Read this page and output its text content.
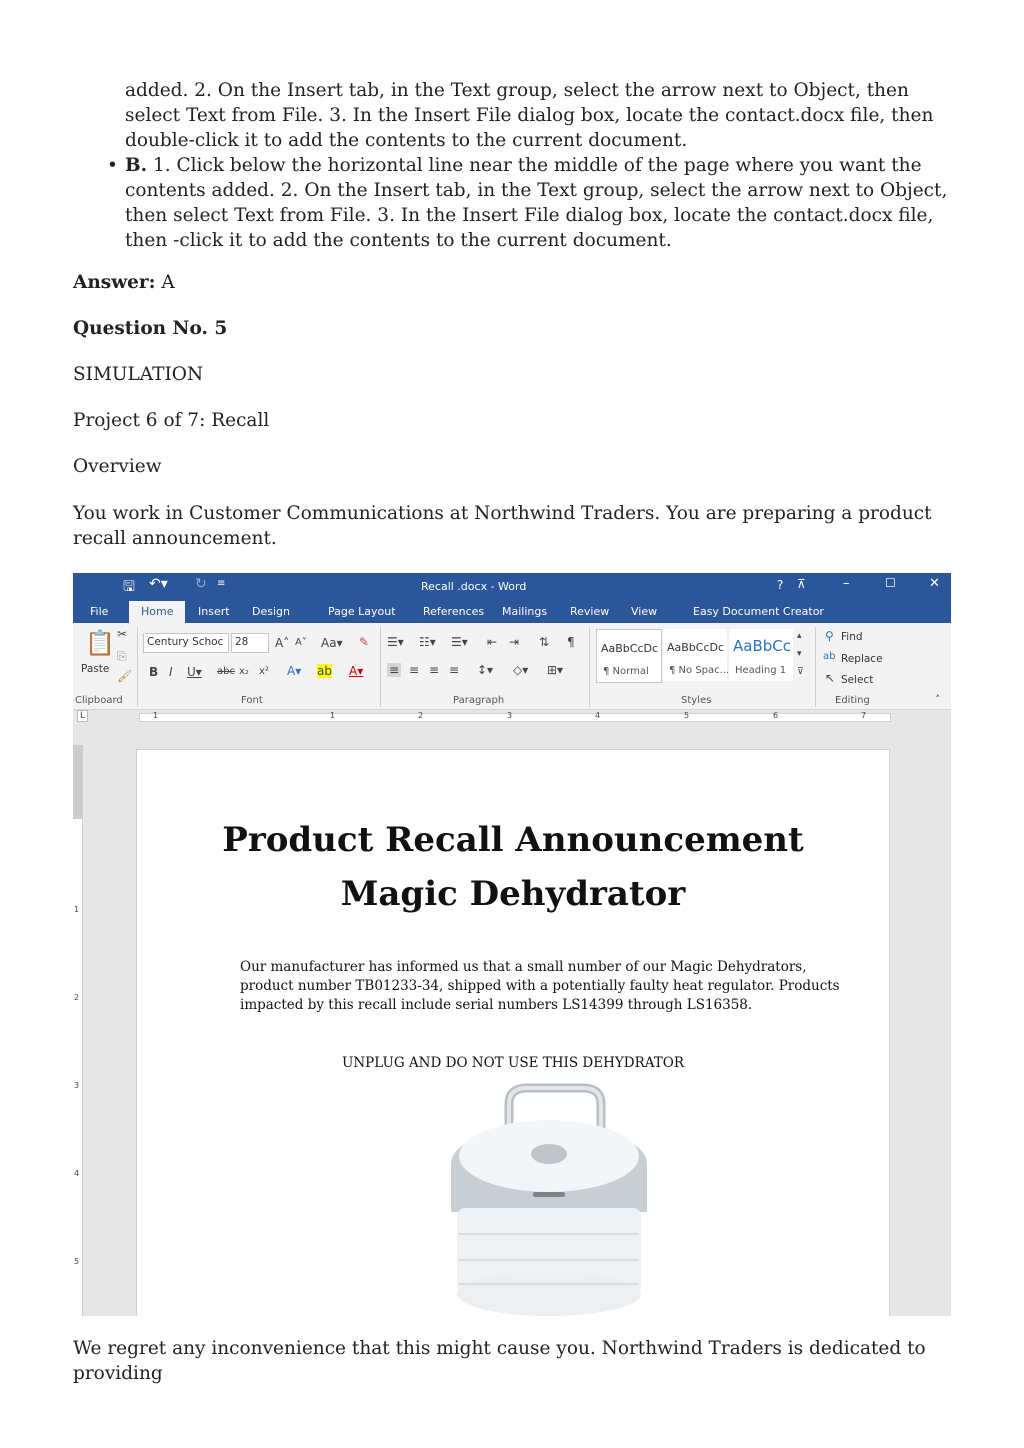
added. 2. On the Insert tab, in the Text group, select the arrow next to Object, then select Text from File. 3. In the Insert File dialog box, locate the contact.docx file, then double-click it to add the contents to the current document.
• B. 1. Click below the horizontal line near the middle of the page where you want the contents added. 2. On the Insert tab, in the Text group, select the arrow next to Object, then select Text from File. 3. In the Insert File dialog box, locate the contact.docx file, then -click it to add the contents to the current document.

Answer: A

Question No. 5

SIMULATION

Project 6 of 7: Recall

Overview

You work in Customer Communications at Northwind Traders. You are preparing a product recall announcement.

🖫 ↶▾ ↻ ≡	Recall .docx - Word	? ⊼	–	☐	✕
File	Home	Insert Design	Page Layout References Mailings Review View	Easy Document Creator
📋
Paste
✂
⎘
🖌
Clipboard
Century Schoc	28	A˄ A˅ Aa▾ ✎
B I U▾ abc x₂ x² A▾ ab A▾
Font
☰▾ ☷▾ ☰▾ ⇤ ⇥ ⇅ ¶
≡ ≡ ≡ ≡ ↕▾ ◇▾ ⊞▾
Paragraph
AaBbCcDc
¶ Normal
AaBbCcDc
¶ No Spac...
AaBbCc
Heading 1
▴
▾
⊽
Styles
⚲ Find
ab Replace
↖ Select
Editing	˄
L	1	1	2	3	4	5	6	7
1
2
3
4
5
Product Recall Announcement
Magic Dehydrator
Our manufacturer has informed us that a small number of our Magic Dehydrators, product number TB01233-34, shipped with a potentially faulty heat regulator. Products impacted by this recall include serial numbers LS14399 through LS16358.
UNPLUG AND DO NOT USE THIS DEHYDRATOR

We regret any inconvenience that this might cause you. Northwind Traders is dedicated to providing
